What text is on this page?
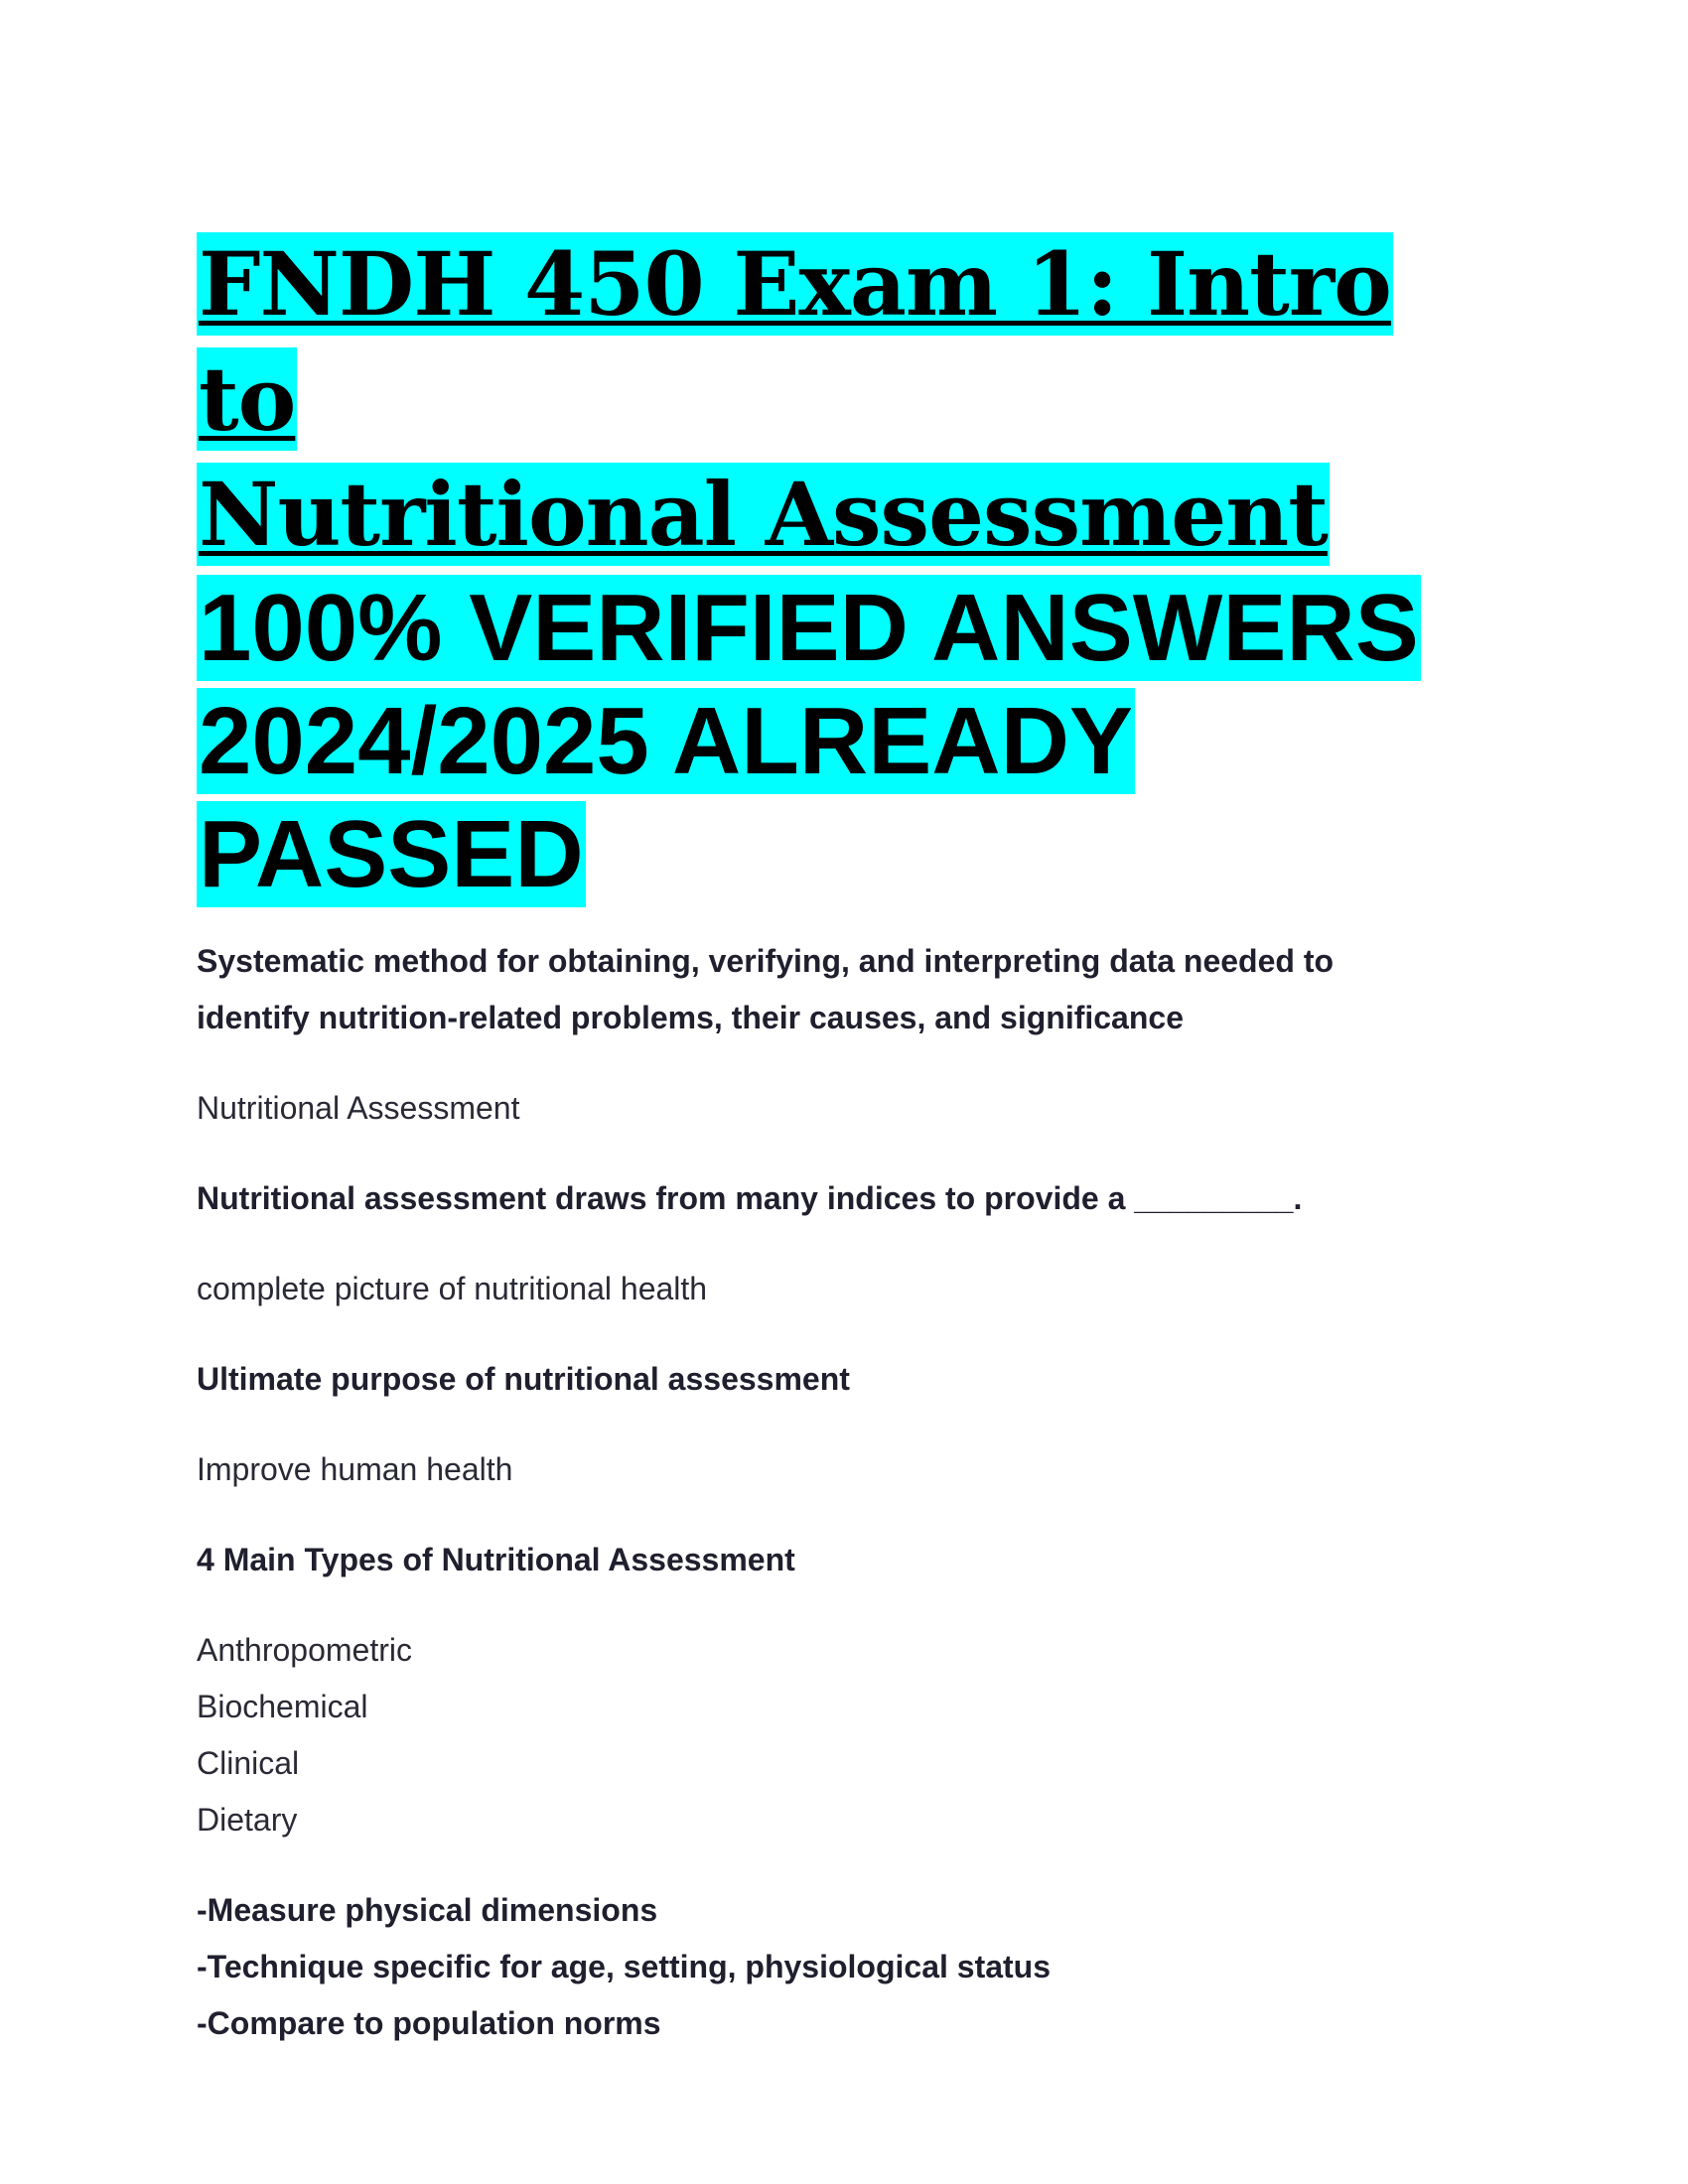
FNDH 450 Exam 1: Intro to
Nutritional Assessment
100% VERIFIED ANSWERS
2024/2025 ALREADY
PASSED

Systematic method for obtaining, verifying, and interpreting data needed to
identify nutrition-related problems, their causes, and significance

Nutritional Assessment

Nutritional assessment draws from many indices to provide a _________.

complete picture of nutritional health

Ultimate purpose of nutritional assessment

Improve human health

4 Main Types of Nutritional Assessment

Anthropometric
Biochemical
Clinical
Dietary

-Measure physical dimensions
-Technique specific for age, setting, physiological status
-Compare to population norms
